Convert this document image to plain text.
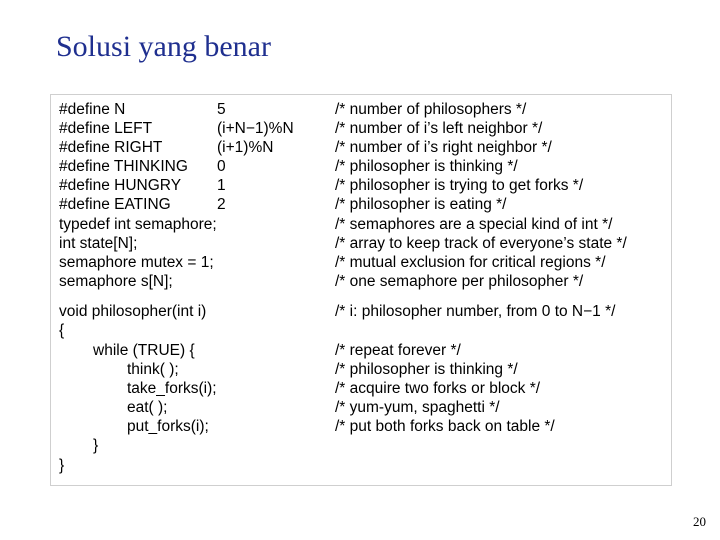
Solusi yang benar
#define N	5	/* number of philosophers */
#define LEFT	(i+N−1)%N	/* number of i’s left neighbor */
#define RIGHT	(i+1)%N	/* number of i’s right neighbor */
#define THINKING 0	/* philosopher is thinking */
#define HUNGRY 1	/* philosopher is trying to get forks */
#define EATING	2	/* philosopher is eating */
typedef int semaphore;	/* semaphores are a special kind of int */
int state[N];	/* array to keep track of everyone’s state */
semaphore mutex = 1;	/* mutual exclusion for critical regions */
semaphore s[N];	/* one semaphore per philosopher */
void philosopher(int i)	/* i: philosopher number, from 0 to N−1 */
{
while (TRUE) {	/* repeat forever */
think( );	/* philosopher is thinking */
take_forks(i);	/* acquire two forks or block */
eat( );	/* yum-yum, spaghetti */
put_forks(i);	/* put both forks back on table */
}
}
20
